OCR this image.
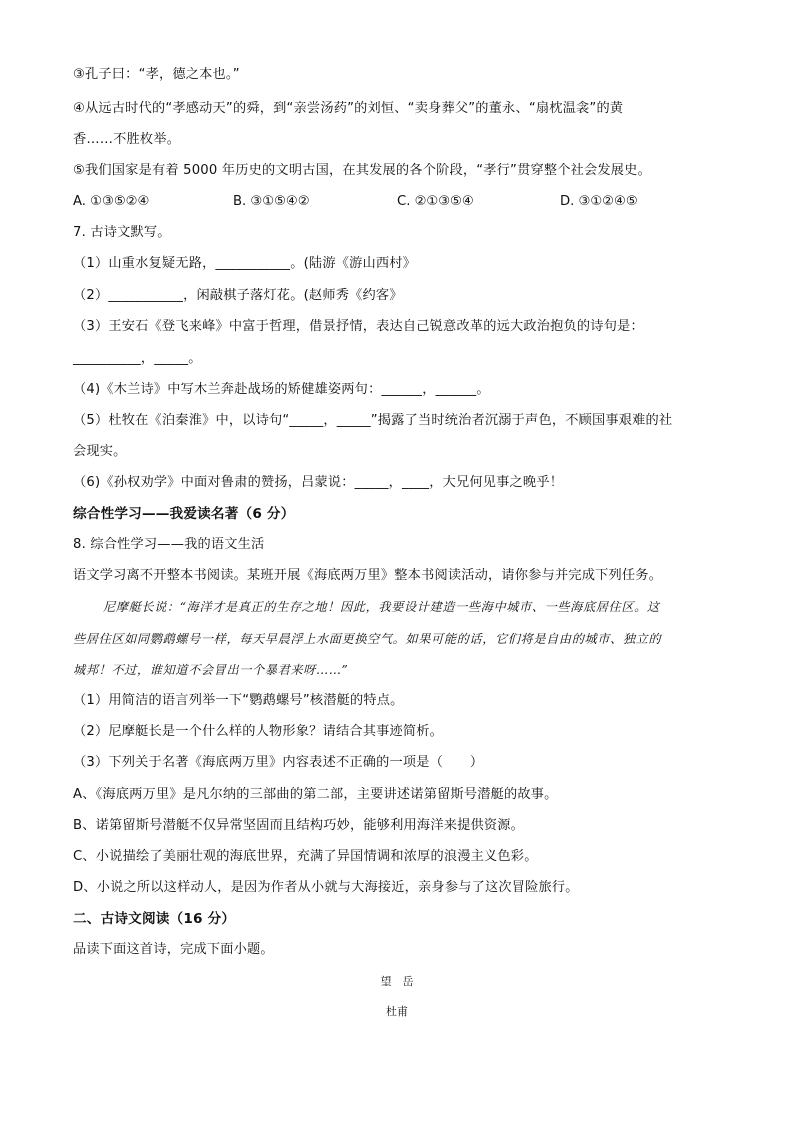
③孔子曰：“孝，德之本也。”
④从远古时代的“孝感动天”的舜，到“亲尝汤药”的刘恒、“卖身葬父”的董永、“扇枕温衾”的黄
香……不胜枚举。
⑤我们国家是有着 5000 年历史的文明古国，在其发展的各个阶段，“孝行”贯穿整个社会发展史。
A. ①③⑤②④	B. ③①⑤④②	C. ②①③⑤④	D. ③①②④⑤
7. 古诗文默写。
（1）山重水复疑无路，___________。(陆游《游山西村》
（2）___________，闲敲棋子落灯花。(赵师秀《约客》
（3）王安石《登飞来峰》中富于哲理，借景抒情，表达自己锐意改革的远大政治抱负的诗句是：
__________，_____。
（4)《木兰诗》中写木兰奔赴战场的矫健雄姿两句：______，______。
（5）杜牧在《泊秦淮》中，以诗句“_____，_____”揭露了当时统治者沉溺于声色，不顾国事艰难的社
会现实。
（6)《孙权劝学》中面对鲁肃的赞扬，吕蒙说：_____，____，大兄何见事之晚乎！
综合性学习——我爱读名著（6 分）
8. 综合性学习——我的语文生活
语文学习离不开整本书阅读。某班开展《海底两万里》整本书阅读活动，请你参与并完成下列任务。
尼摩艇长说：“海洋才是真正的生存之地！因此，我要设计建造一些海中城市、一些海底居住区。这
些居住区如同鹦鹉螺号一样，每天早晨浮上水面更换空气。如果可能的话，它们将是自由的城市、独立的
城邦！不过，谁知道不会冒出一个暴君来呀……”
（1）用简洁的语言列举一下“鹦鹉螺号”核潜艇的特点。
（2）尼摩艇长是一个什么样的人物形象？请结合其事迹简析。
（3）下列关于名著《海底两万里》内容表述不正确的一项是（　　）
A、《海底两万里》是凡尔纳的三部曲的第二部，主要讲述诺第留斯号潜艇的故事。
B、诺第留斯号潜艇不仅异常坚固而且结构巧妙，能够利用海洋来提供资源。
C、小说描绘了美丽壮观的海底世界，充满了异国情调和浓厚的浪漫主义色彩。
D、小说之所以这样动人，是因为作者从小就与大海接近，亲身参与了这次冒险旅行。
二、古诗文阅读（16 分）
品读下面这首诗，完成下面小题。
望　岳
杜甫
